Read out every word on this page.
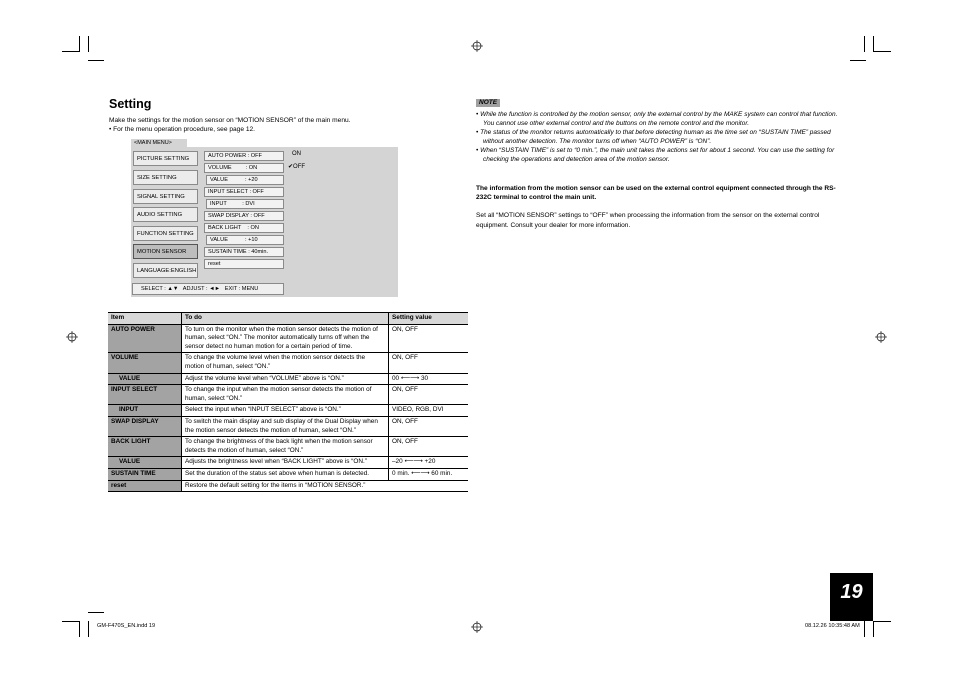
Setting
Make the settings for the motion sensor on “MOTION SENSOR” of the main menu.
• For the menu operation procedure, see page 12.
<MAIN MENU>
PICTURE SETTING
SIZE SETTING
SIGNAL SETTING
AUDIO SETTING
FUNCTION SETTING
MOTION SENSOR
LANGUAGE:ENGLISH
AUTO POWER : OFF
VOLUME         : ON
VALUE           : +20
INPUT SELECT : OFF
INPUT          : DVI
SWAP DISPLAY : OFF
BACK LIGHT    : ON
VALUE           : +10
SUSTAIN TIME : 40min.
reset
ON
✔OFF
SELECT : ▲▼   ADJUST : ◄►   EXIT : MENU
Item	To do	Setting value
AUTO POWER	To turn on the monitor when the motion sensor detects the motion of human, select “ON.” The monitor automatically turns off when the sensor detect no human motion for a certain period of time.	ON, OFF
VOLUME	To change the volume level when the motion sensor detects the motion of human, select “ON.”	ON, OFF
VALUE	Adjust the volume level when “VOLUME” above is “ON.”	00 ⟵⟶ 30
INPUT SELECT	To change the input when the motion sensor detects the motion of human, select “ON.”	ON, OFF
INPUT	Select the input when “INPUT SELECT” above is “ON.”	VIDEO, RGB, DVI
SWAP DISPLAY	To switch the main display and sub display of the Dual Display when the motion sensor detects the motion of human, select “ON.”	ON, OFF
BACK LIGHT	To change the brightness of the back light when the motion sensor detects the motion of human, select “ON.”	ON, OFF
VALUE	Adjusts the brightness level when “BACK LIGHT” above is “ON.”	–20 ⟵⟶ +20
SUSTAIN TIME	Set the duration of the status set above when human is detected.	0 min. ⟵⟶ 60 min.
reset	Restore the default setting for the items in “MOTION SENSOR.”	
NOTE
• While the function is controlled by the motion sensor, only the external control by the MAKE system can control that function. You cannot use other external control and the buttons on the remote control and the monitor.
• The status of the monitor returns automatically to that before detecting human as the time set on “SUSTAIN TIME” passed without another detection. The monitor turns off when “AUTO POWER” is “ON”.
• When “SUSTAIN TIME” is set to “0 min.”, the main unit takes the actions set for about 1 second. You can use the setting for checking the operations and detection area of the motion sensor.
The information from the motion sensor can be used on the external control equipment connected through the RS-232C terminal to control the main unit.
Set all “MOTION SENSOR” settings to “OFF” when processing the information from the sensor on the external control equipment. Consult your dealer for more information.
19
GM-F470S_EN.indd 19	08.12.26 10:35:48 AM
